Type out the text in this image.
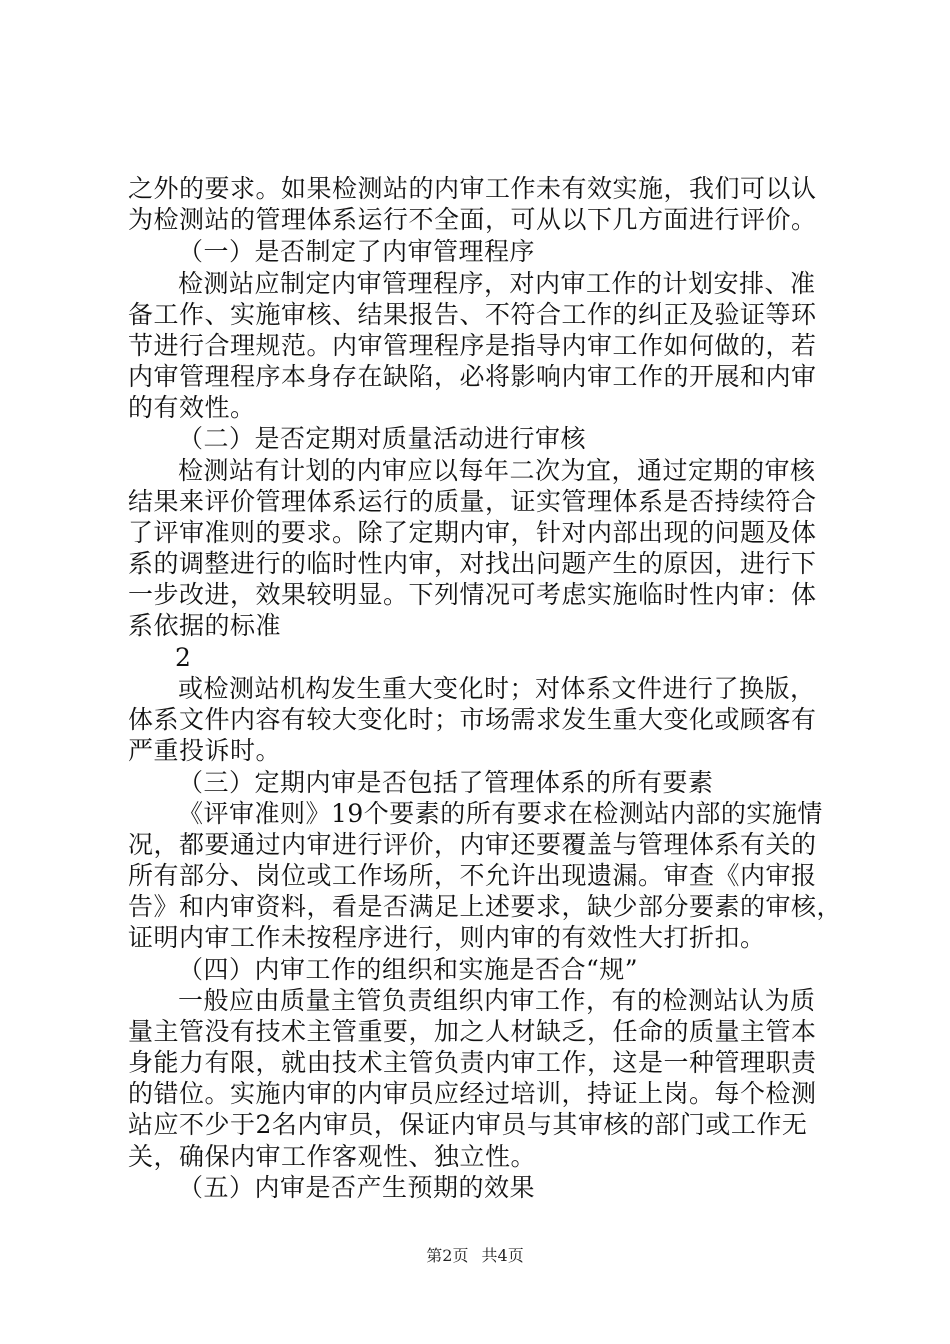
之外的要求。如果检测站的内审工作未有效实施，我们可以认
为检测站的管理体系运行不全面，可从以下几方面进行评价。
（一）是否制定了内审管理程序
检测站应制定内审管理程序，对内审工作的计划安排、准
备工作、实施审核、结果报告、不符合工作的纠正及验证等环
节进行合理规范。内审管理程序是指导内审工作如何做的，若
内审管理程序本身存在缺陷，必将影响内审工作的开展和内审
的有效性。
（二）是否定期对质量活动进行审核
检测站有计划的内审应以每年二次为宜，通过定期的审核
结果来评价管理体系运行的质量，证实管理体系是否持续符合
了评审准则的要求。除了定期内审，针对内部出现的问题及体
系的调整进行的临时性内审，对找出问题产生的原因，进行下
一步改进，效果较明显。下列情况可考虑实施临时性内审：体
系依据的标准
2
或检测站机构发生重大变化时；对体系文件进行了换版，
体系文件内容有较大变化时；市场需求发生重大变化或顾客有
严重投诉时。
（三）定期内审是否包括了管理体系的所有要素
《评审准则》19个要素的所有要求在检测站内部的实施情
况，都要通过内审进行评价，内审还要覆盖与管理体系有关的
所有部分、岗位或工作场所，不允许出现遗漏。审查《内审报
告》和内审资料，看是否满足上述要求，缺少部分要素的审核，
证明内审工作未按程序进行，则内审的有效性大打折扣。
（四）内审工作的组织和实施是否合“规”
一般应由质量主管负责组织内审工作，有的检测站认为质
量主管没有技术主管重要，加之人材缺乏，任命的质量主管本
身能力有限，就由技术主管负责内审工作，这是一种管理职责
的错位。实施内审的内审员应经过培训，持证上岗。每个检测
站应不少于2名内审员，保证内审员与其审核的部门或工作无
关，确保内审工作客观性、独立性。
（五）内审是否产生预期的效果
第2页 共4页
